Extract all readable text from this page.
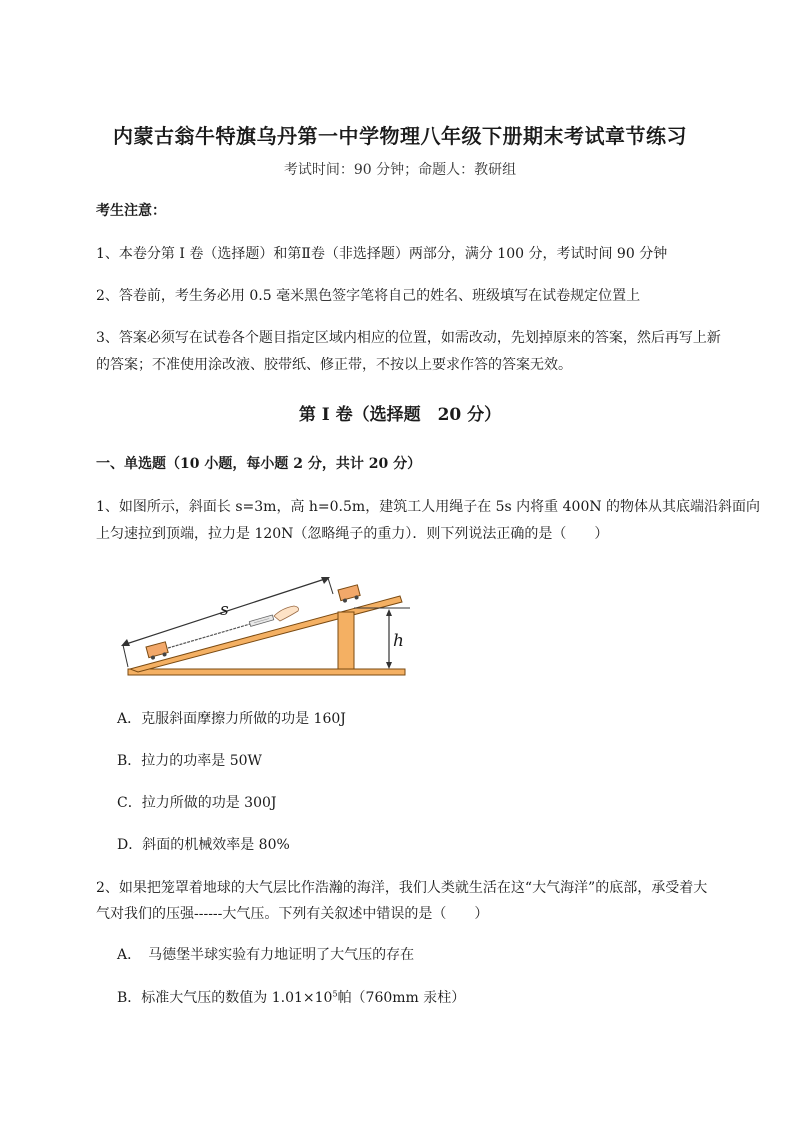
内蒙古翁牛特旗乌丹第一中学物理八年级下册期末考试章节练习
考试时间：90 分钟；命题人：教研组
考生注意：
1、本卷分第 I 卷（选择题）和第Ⅱ卷（非选择题）两部分，满分 100 分，考试时间 90 分钟
2、答卷前，考生务必用 0.5 毫米黑色签字笔将自己的姓名、班级填写在试卷规定位置上
3、答案必须写在试卷各个题目指定区域内相应的位置，如需改动，先划掉原来的答案，然后再写上新
的答案；不准使用涂改液、胶带纸、修正带，不按以上要求作答的答案无效。
第 I 卷（选择题　20 分）
一、单选题（10 小题，每小题 2 分，共计 20 分）
1、如图所示，斜面长 s=3m，高 h=0.5m，建筑工人用绳子在 5s 内将重 400N 的物体从其底端沿斜面向
上匀速拉到顶端，拉力是 120N（忽略绳子的重力）．则下列说法正确的是（　　）
s
h
A．克服斜面摩擦力所做的功是 160J
B．拉力的功率是 50W
C．拉力所做的功是 300J
D．斜面的机械效率是 80%
2、如果把笼罩着地球的大气层比作浩瀚的海洋，我们人类就生活在这“大气海洋”的底部，承受着大
气对我们的压强------大气压。下列有关叙述中错误的是（　　）
A．　马德堡半球实验有力地证明了大气压的存在
B．标准大气压的数值为 $1.01\times 10^5$帕（760mm 汞柱）
